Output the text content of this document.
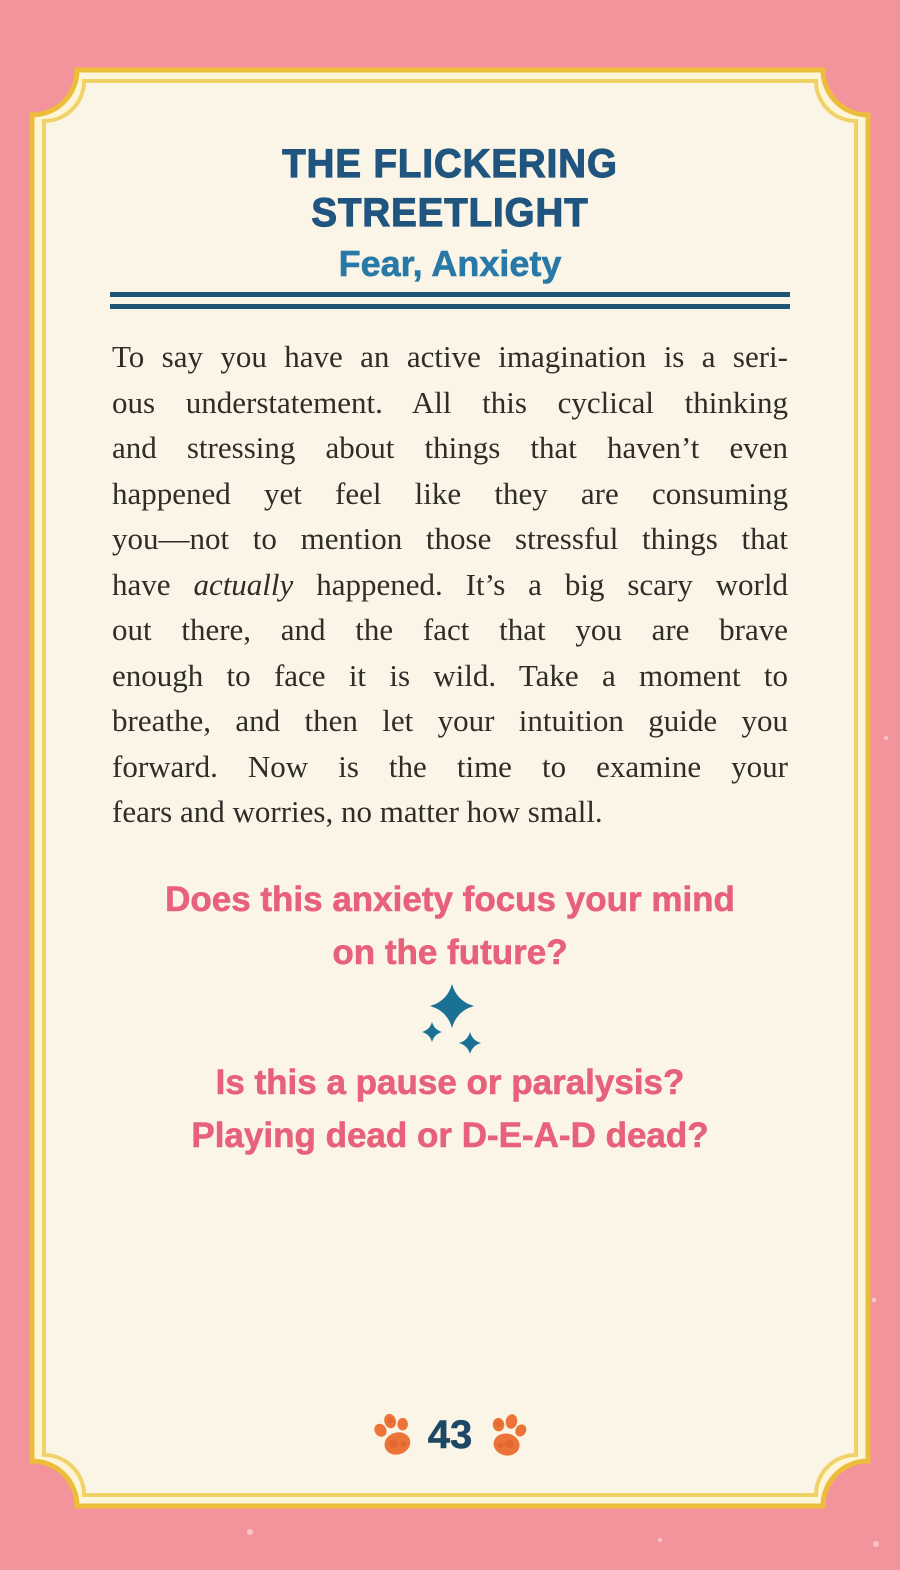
THE FLICKERING
STREETLIGHT
Fear, Anxiety
To say you have an active imagination is a seri-
ous understatement. All this cyclical thinking
and stressing about things that haven’t even
happened yet feel like they are consuming
you—not to mention those stressful things that
have actually happened. It’s a big scary world
out there, and the fact that you are brave
enough to face it is wild. Take a moment to
breathe, and then let your intuition guide you
forward. Now is the time to examine your
fears and worries, no matter how small.
Does this anxiety focus your mind
on the future?
Is this a pause or paralysis?
Playing dead or D-E-A-D dead?
43
